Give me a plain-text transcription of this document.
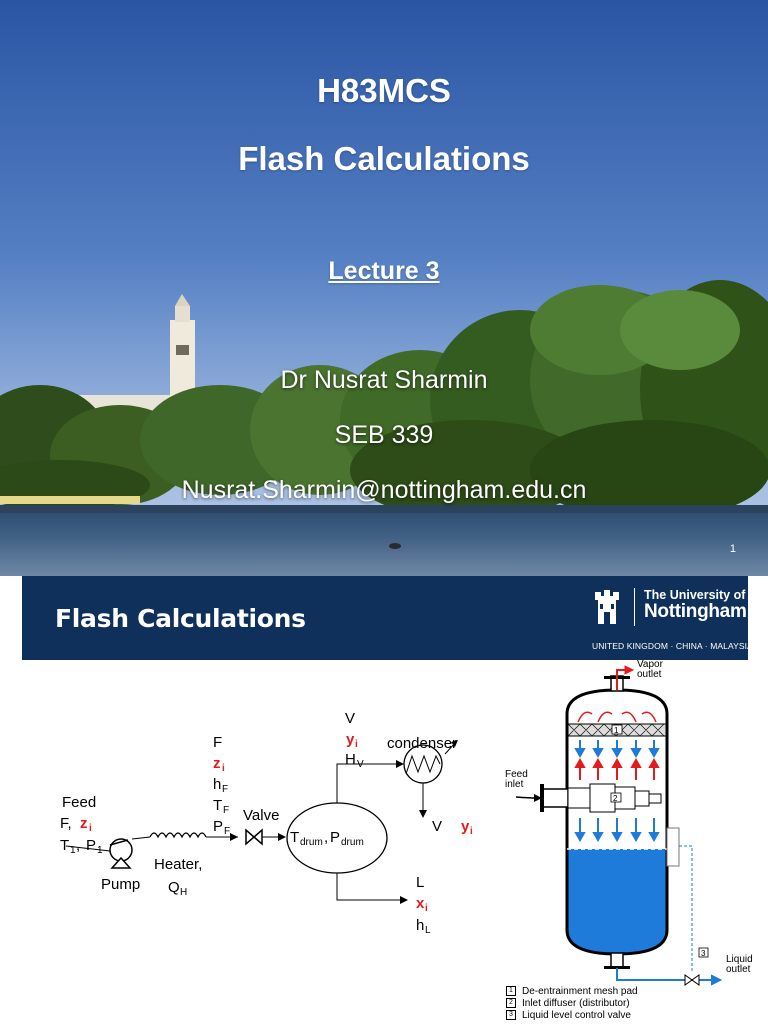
H83MCS
Flash Calculations
Lecture 3
Dr Nusrat Sharmin
SEB 339
Nusrat.Sharmin@nottingham.edu.cn
1
Flash Calculations
The University of
Nottingham
UNITED KINGDOM · CHINA · MALAYSIA
Feed
F, z i
T 1 , P 1
Pump
Heater,
Q H
F
z i
h F
T F
P F
Valve
T drum , P drum
V
y i
H V
condenser
V y i
L
x i
h L
1
2
3
Vapor outlet
Feed inlet
Liquid outlet
1 De-entrainment mesh pad
2 Inlet diffuser (distributor)
3 Liquid level control valve
